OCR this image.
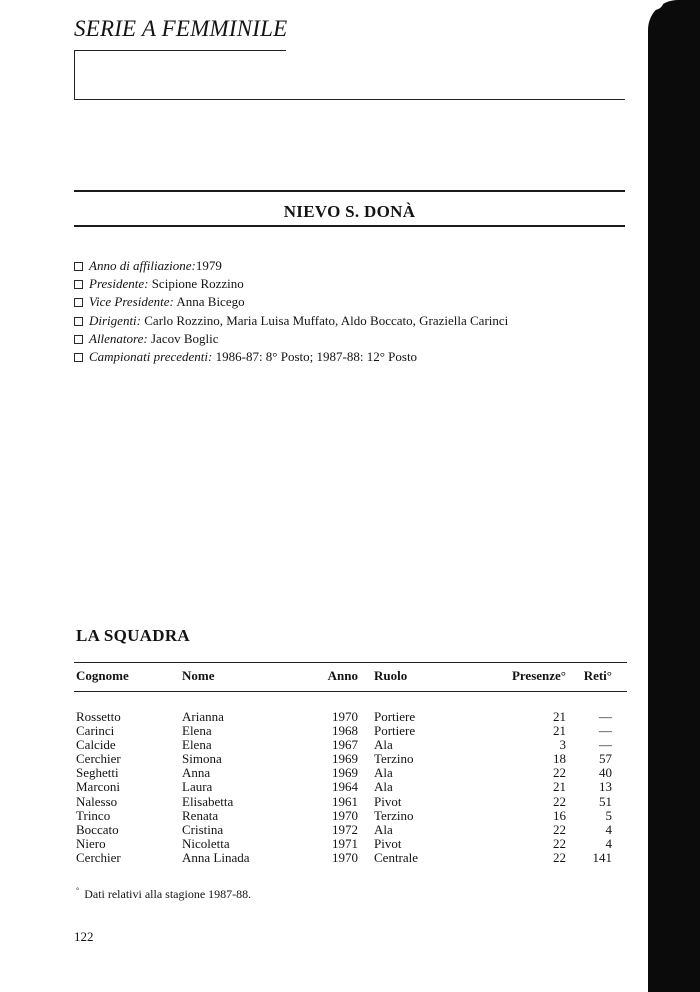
SERIE A FEMMINILE
NIEVO S. DONÀ
Anno di affiliazione:1979
Presidente: Scipione Rozzino
Vice Presidente: Anna Bicego
Dirigenti: Carlo Rozzino, Maria Luisa Muffato, Aldo Boccato, Graziella Carinci
Allenatore: Jacov Boglic
Campionati precedenti: 1986-87: 8° Posto; 1987-88: 12° Posto
LA SQUADRA
Cognome	Nome	Anno Ruolo	Presenze°	Reti°
Rossetto	Arianna	1970 Portiere	21	—
Carinci	Elena	1968 Portiere	21	—
Calcide	Elena	1967 Ala	3	—
Cerchier	Simona	1969 Terzino	18	57
Seghetti	Anna	1969 Ala	22	40
Marconi	Laura	1964 Ala	21	13
Nalesso	Elisabetta	1961 Pivot	22	51
Trinco	Renata	1970 Terzino	16	5
Boccato	Cristina	1972 Ala	22	4
Niero	Nicoletta	1971 Pivot	22	4
Cerchier	Anna Linada	1970 Centrale	22	141
° Dati relativi alla stagione 1987-88.
122
